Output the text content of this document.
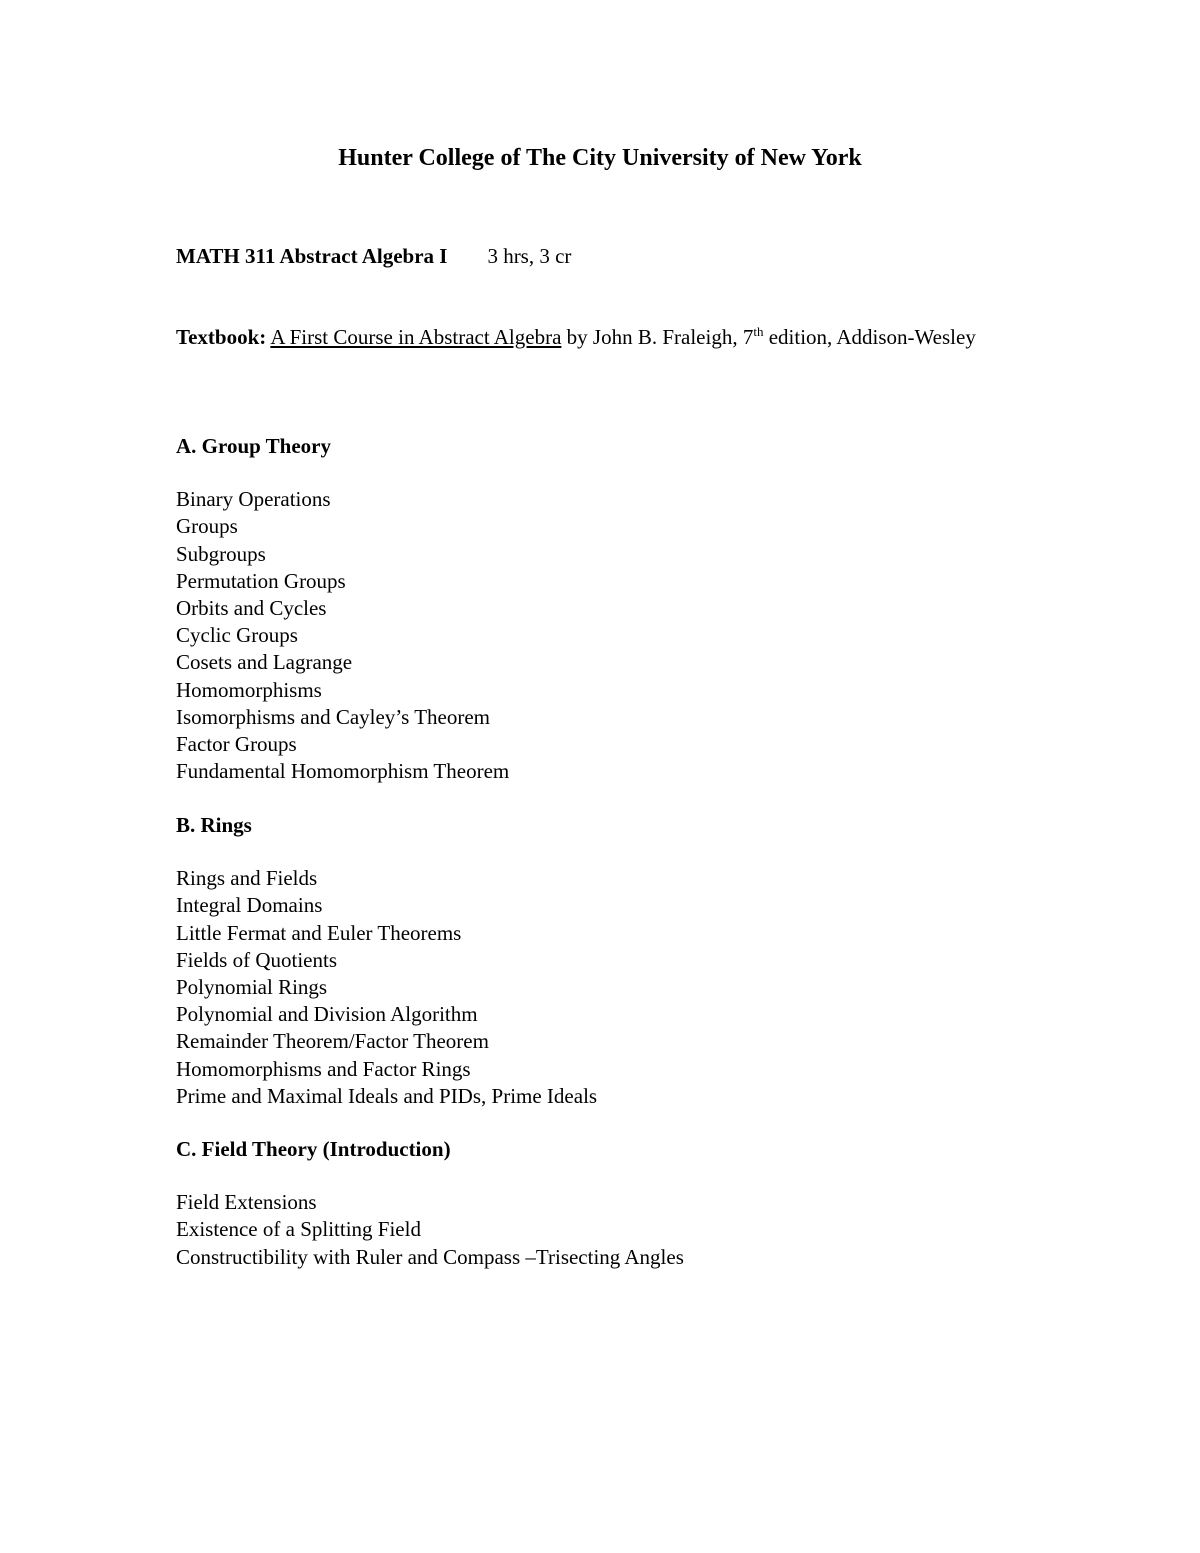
Hunter College of The City University of New York
MATH 311 Abstract Algebra I 3 hrs, 3 cr
Textbook: A First Course in Abstract Algebra by John B. Fraleigh, 7th edition, Addison-Wesley
A. Group Theory
Binary Operations
Groups
Subgroups
Permutation Groups
Orbits and Cycles
Cyclic Groups
Cosets and Lagrange
Homomorphisms
Isomorphisms and Cayley’s Theorem
Factor Groups
Fundamental Homomorphism Theorem
B. Rings
Rings and Fields
Integral Domains
Little Fermat and Euler Theorems
Fields of Quotients
Polynomial Rings
Polynomial and Division Algorithm
Remainder Theorem/Factor Theorem
Homomorphisms and Factor Rings
Prime and Maximal Ideals and PIDs, Prime Ideals
C. Field Theory (Introduction)
Field Extensions
Existence of a Splitting Field
Constructibility with Ruler and Compass –Trisecting Angles
